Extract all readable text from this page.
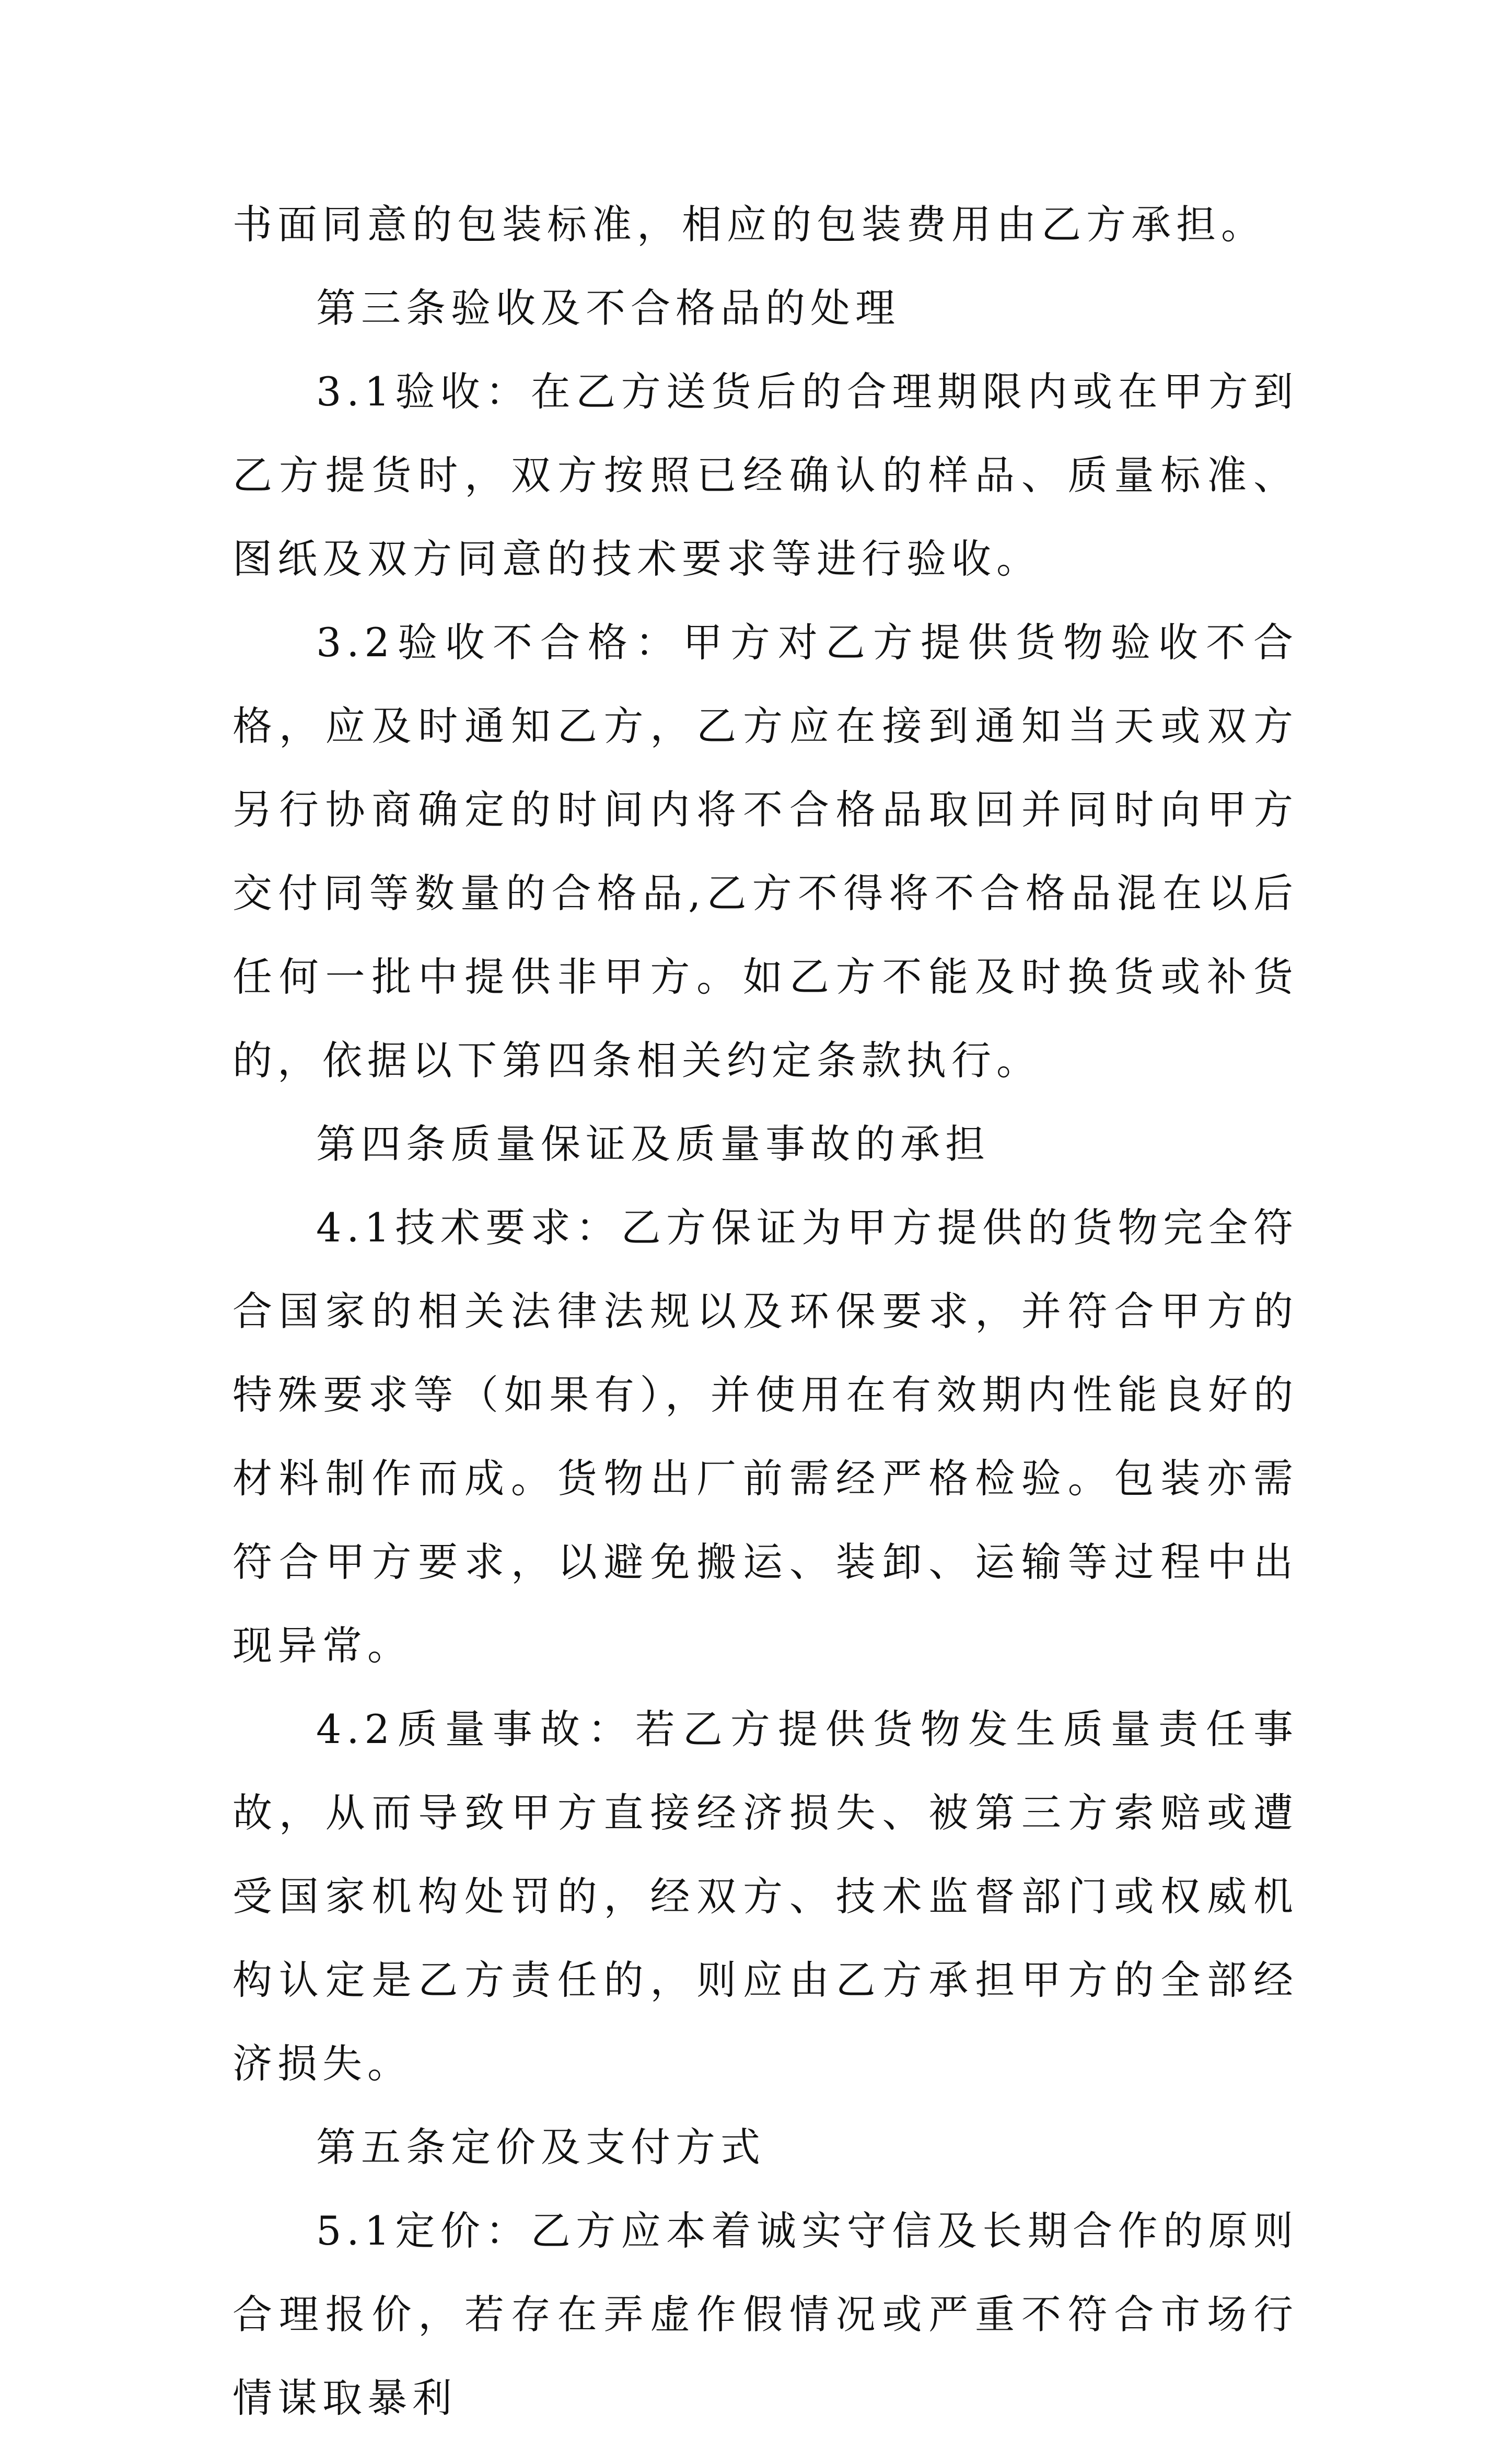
书面同意的包装标准，相应的包装费用由乙方承担。

第三条验收及不合格品的处理

3.1验收：在乙方送货后的合理期限内或在甲方到乙方提货时，双方按照已经确认的样品、质量标准、图纸及双方同意的技术要求等进行验收。

3.2验收不合格：甲方对乙方提供货物验收不合格，应及时通知乙方，乙方应在接到通知当天或双方另行协商确定的时间内将不合格品取回并同时向甲方交付同等数量的合格品,乙方不得将不合格品混在以后任何一批中提供非甲方。如乙方不能及时换货或补货的，依据以下第四条相关约定条款执行。

第四条质量保证及质量事故的承担

4.1技术要求：乙方保证为甲方提供的货物完全符合国家的相关法律法规以及环保要求，并符合甲方的特殊要求等（如果有），并使用在有效期内性能良好的材料制作而成。货物出厂前需经严格检验。包装亦需符合甲方要求，以避免搬运、装卸、运输等过程中出现异常。

4.2质量事故：若乙方提供货物发生质量责任事故，从而导致甲方直接经济损失、被第三方索赔或遭受国家机构处罚的，经双方、技术监督部门或权威机构认定是乙方责任的，则应由乙方承担甲方的全部经济损失。

第五条定价及支付方式

5.1定价：乙方应本着诚实守信及长期合作的原则合理报价，若存在弄虚作假情况或严重不符合市场行情谋取暴利
